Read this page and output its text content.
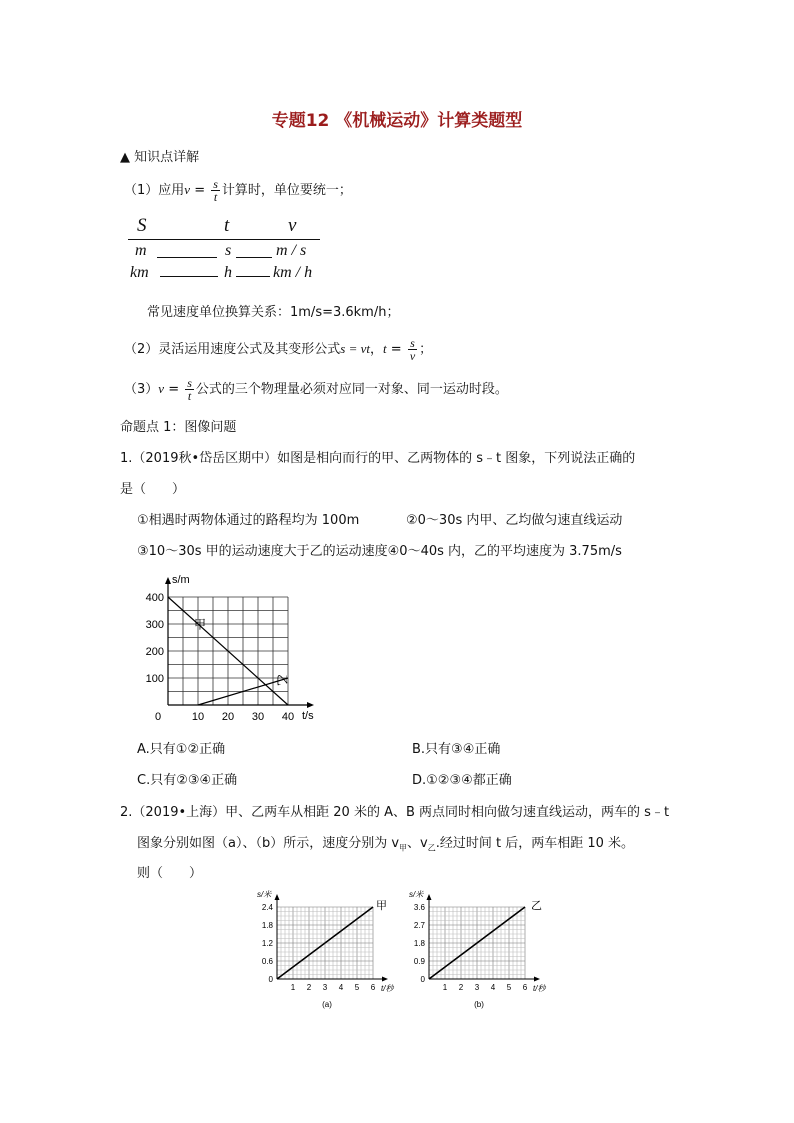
专题12 《机械运动》计算类题型
▲ 知识点详解
（1）应用$v = \frac{s}{t}$ 计算时，单位要统一；
S	t	v
m	s	m / s
km	h	km / h
常见速度单位换算关系：1m/s=3.6km/h；
（2）灵活运用速度公式及其变形公式s = vt，$t = \frac{s}{v}$ ；
$(3)v = \frac{s}{t}$ 公式的三个物理量必须对应同一对象、同一运动时段。
命题点 1：图像问题
1.（2019秋•岱岳区期中）如图是相向而行的甲、乙两物体的 s﹣t 图象，下列说法正确的
是（　　）
①相遇时两物体通过的路程均为 100m	②0～30s 内甲、乙均做匀速直线运动
③10～30s 甲的运动速度大于乙的运动速度④0～40s 内，乙的平均速度为 3.75m/s
0	10 20 30 40
100
200
300
400
t/s
s/m
甲
乙
A.只有①②正确	B.只有③④正确
C.只有②③④正确	D.①②③④都正确
2.（2019•上海）甲、乙两车从相距 20 米的 A、B 两点同时相向做匀速直线运动，两车的 s﹣t
图象分别如图（a）、（b）所示，速度分别为 $v_甲$、$v_乙$.经过时间 t 后，两车相距 10 米。
则（　　）
1 2 3 4 5 6
0
0.6
1.2
1.8
2.4
t/秒
s/米
甲
(a)
1 2 3 4 5 6
0
0.9
1.8
2.7
3.6
t/秒
s/米
乙
(b)
